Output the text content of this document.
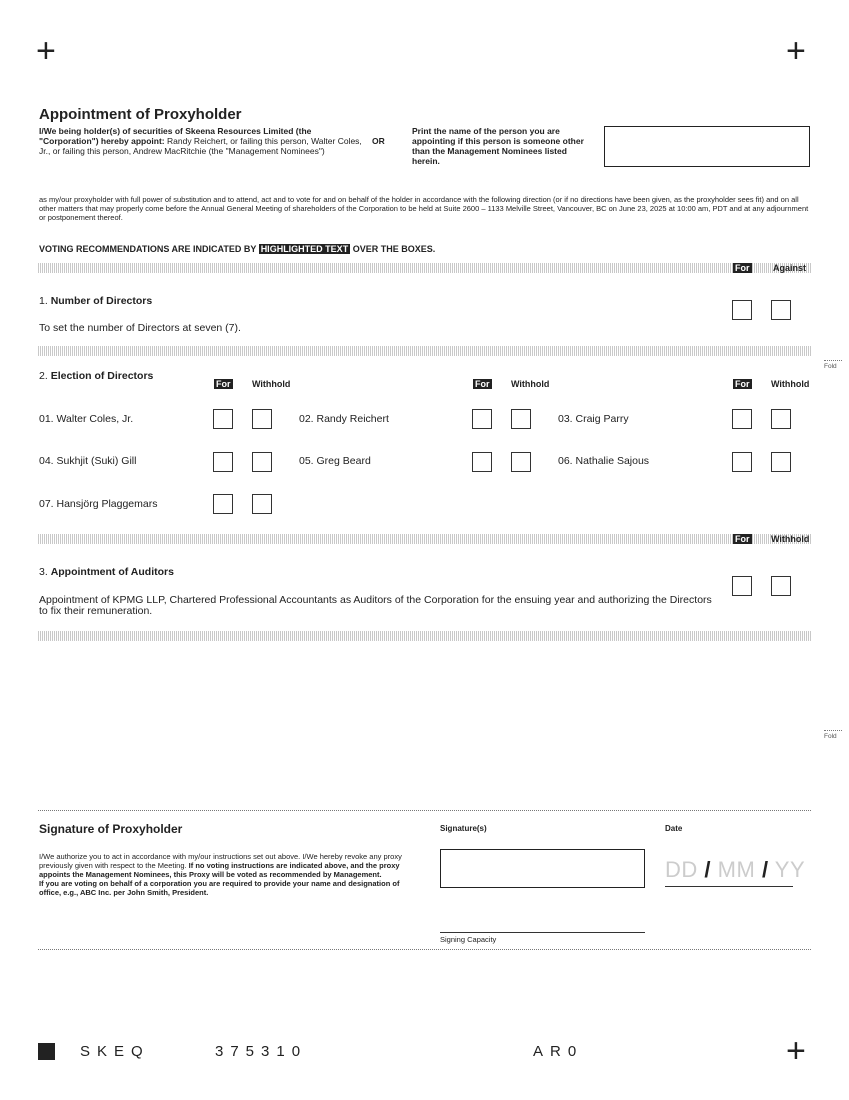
+	+
+
Appointment of Proxyholder
I/We being holder(s) of securities of Skeena Resources Limited (the "Corporation") hereby appoint: Randy Reichert, or failing this person, Walter Coles, Jr., or failing this person, Andrew MacRitchie (the "Management Nominees")
OR
Print the name of the person you are appointing if this person is someone other than the Management Nominees listed herein.
as my/our proxyholder with full power of substitution and to attend, act and to vote for and on behalf of the holder in accordance with the following direction (or if no directions have been given, as the proxyholder sees fit) and on all other matters that may properly come before the Annual General Meeting of shareholders of the Corporation to be held at Suite 2600 – 1133 Melville Street, Vancouver, BC on June 23, 2025 at 10:00 am, PDT and at any adjournment or postponement thereof.
VOTING RECOMMENDATIONS ARE INDICATED BY HIGHLIGHTED TEXT OVER THE BOXES.
For	Against
1. Number of Directors
To set the number of Directors at seven (7).
2. Election of Directors
For Withhold	For Withhold	For Withhold
01. Walter Coles, Jr.	02. Randy Reichert	03. Craig Parry
04. Sukhjit (Suki) Gill	05. Greg Beard	06. Nathalie Sajous
07. Hansjörg Plaggemars
For Withhold
3. Appointment of Auditors
Appointment of KPMG LLP, Chartered Professional Accountants as Auditors of the Corporation for the ensuing year and authorizing the Directors to fix their remuneration.
Fold
Fold
Signature of Proxyholder
I/We authorize you to act in accordance with my/our instructions set out above. I/We hereby revoke any proxy previously given with respect to the Meeting. If no voting instructions are indicated above, and the proxy appoints the Management Nominees, this Proxy will be voted as recommended by Management.
If you are voting on behalf of a corporation you are required to provide your name and designation of office, e.g., ABC Inc. per John Smith, President.
Signature(s)
Signing Capacity
Date
DD / MM / YY
SKEQ	375310	AR0
